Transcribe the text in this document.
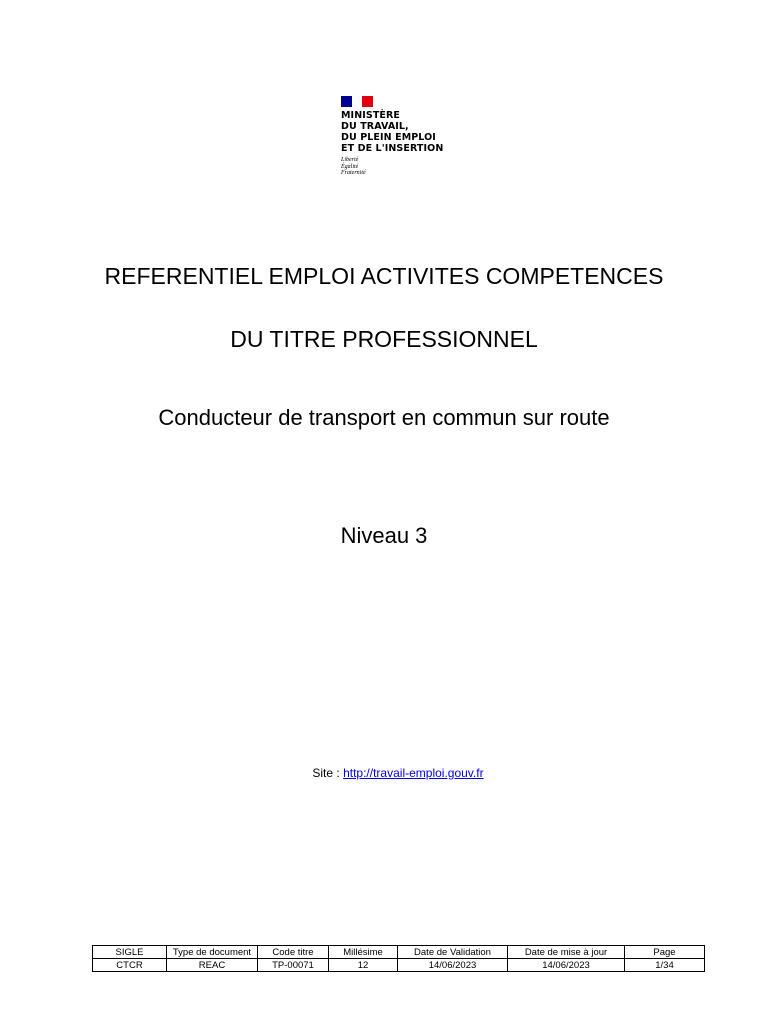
MINISTÈRE
DU TRAVAIL,
DU PLEIN EMPLOI
ET DE L'INSERTION
Liberté
Égalité
Fraternité
REFERENTIEL EMPLOI ACTIVITES COMPETENCES
DU TITRE PROFESSIONNEL
Conducteur de transport en commun sur route
Niveau 3
Site : http://travail-emploi.gouv.fr
SIGLE	Type de document	Code titre	Millésime	Date de Validation	Date de mise à jour	Page
CTCR	REAC	TP-00071	12	14/06/2023	14/06/2023	1/34
